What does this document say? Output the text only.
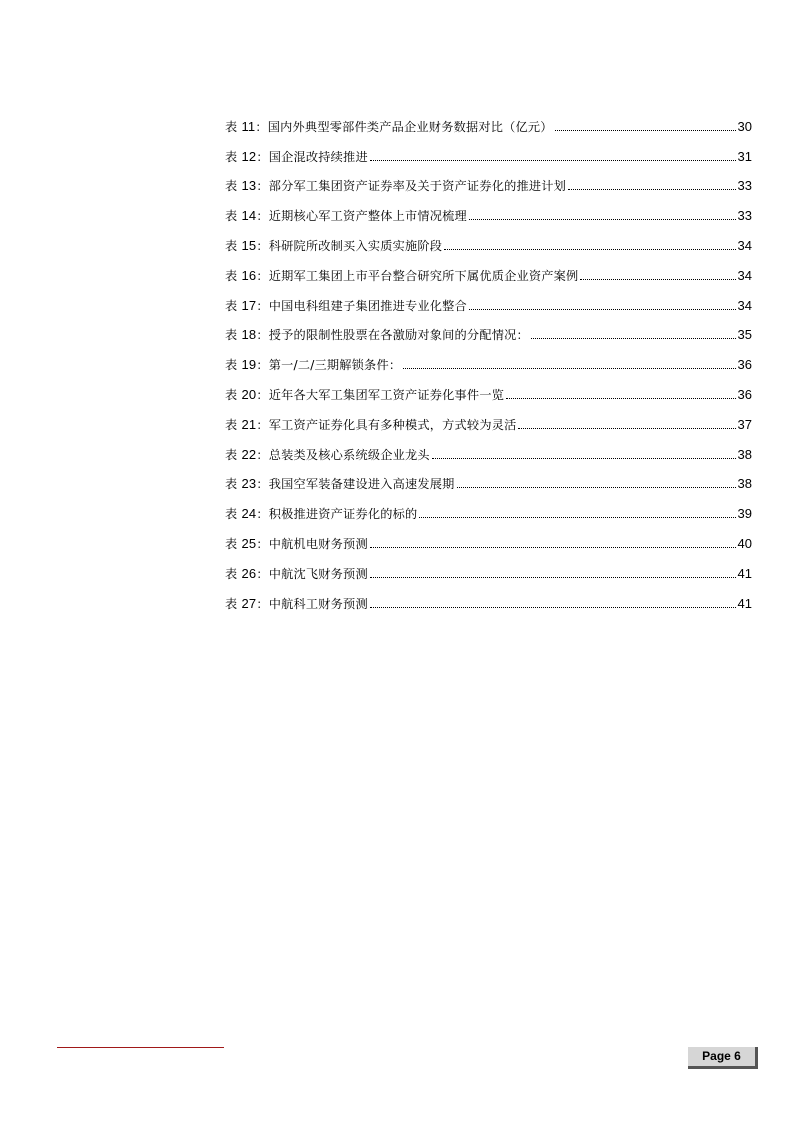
表 11：国内外典型零部件类产品企业财务数据对比（亿元）	30
表 12：国企混改持续推进	31
表 13：部分军工集团资产证券率及关于资产证券化的推进计划	33
表 14：近期核心军工资产整体上市情况梳理	33
表 15：科研院所改制买入实质实施阶段	34
表 16：近期军工集团上市平台整合研究所下属优质企业资产案例	34
表 17：中国电科组建子集团推进专业化整合	34
表 18：授予的限制性股票在各激励对象间的分配情况：	35
表 19：第一/二/三期解锁条件：	36
表 20：近年各大军工集团军工资产证券化事件一览	36
表 21：军工资产证券化具有多种模式，方式较为灵活	37
表 22：总装类及核心系统级企业龙头	38
表 23：我国空军装备建设进入高速发展期	38
表 24：积极推进资产证券化的标的	39
表 25：中航机电财务预测	40
表 26：中航沈飞财务预测	41
表 27：中航科工财务预测	41
Page 6
